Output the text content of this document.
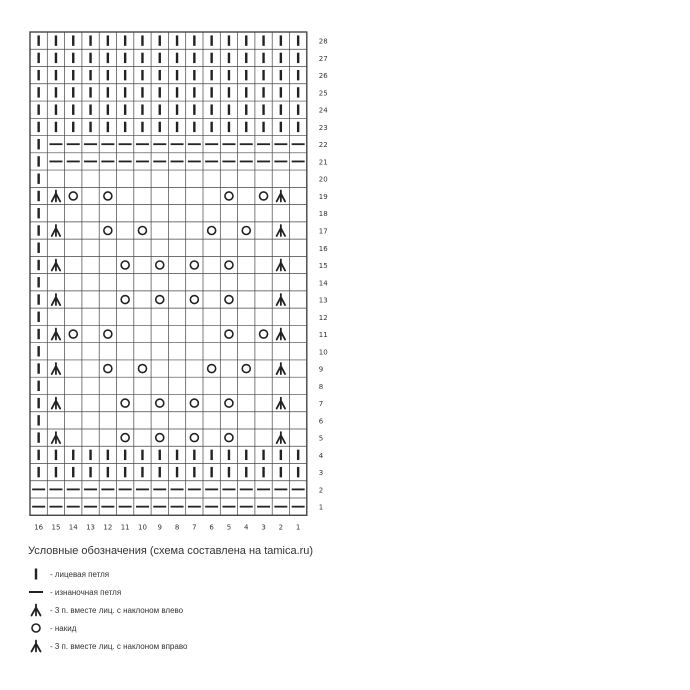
28
27
26
25
24
23
22
21
20
19
18
17
16
15
14
13
12
11
10
9
8
7
6
5
4
3
2
1
16 15 14 13 12 11 10 9 8 7 6 5 4 3 2 1
Условные обозначения (схема составлена на tamica.ru)
- лицевая петля
- изнаночная петля
- 3 п. вместе лиц. с наклоном влево
- накид
- 3 п. вместе лиц. с наклоном вправо
